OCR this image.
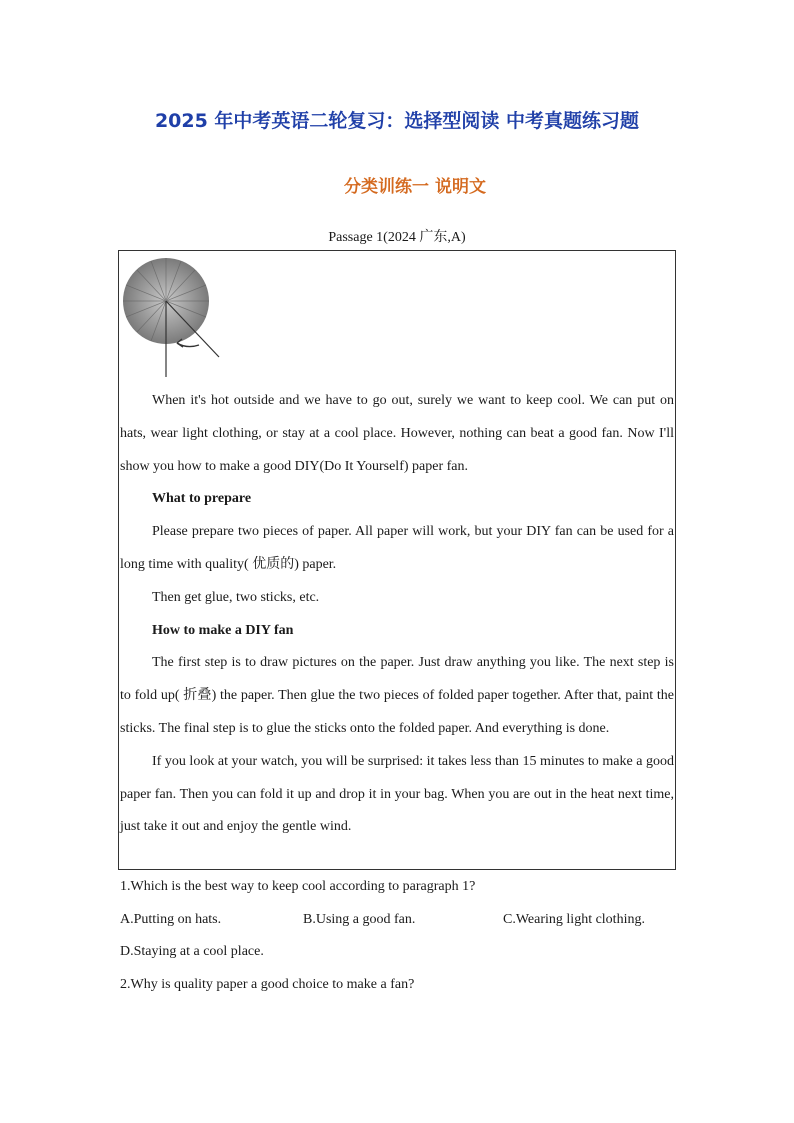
2025 年中考英语二轮复习：选择型阅读 中考真题练习题
分类训练一 说明文
Passage 1(2024 广东,A)

When it's hot outside and we have to go out, surely we want to keep cool. We can put on hats, wear light clothing, or stay at a cool place. However, nothing can beat a good fan. Now I'll show you how to make a good DIY(Do It Yourself) paper fan.

What to prepare

Please prepare two pieces of paper. All paper will work, but your DIY fan can be used for a long time with quality( 优质的) paper.

Then get glue, two sticks, etc.

How to make a DIY fan

The first step is to draw pictures on the paper. Just draw anything you like. The next step is to fold up( 折叠) the paper. Then glue the two pieces of folded paper together. After that, paint the sticks. The final step is to glue the sticks onto the folded paper. And everything is done.

If you look at your watch, you will be surprised: it takes less than 15 minutes to make a good paper fan. Then you can fold it up and drop it in your bag. When you are out in the heat next time, just take it out and enjoy the gentle wind.

1.Which is the best way to keep cool according to paragraph 1?
A.Putting on hats.	B.Using a good fan.	C.Wearing light clothing.
D.Staying at a cool place.
2.Why is quality paper a good choice to make a fan?
